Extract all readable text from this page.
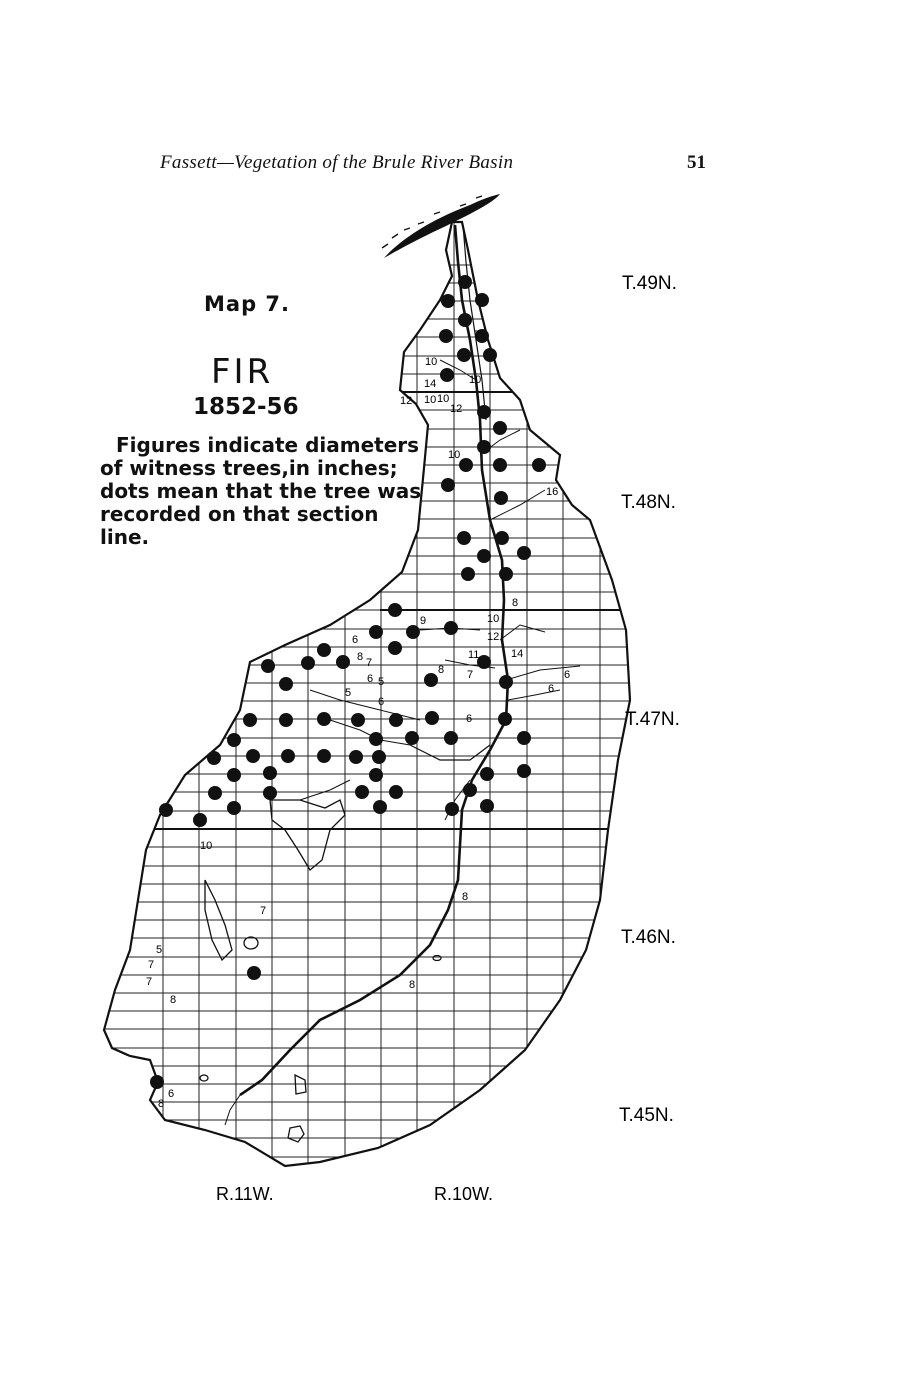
Fassett—Vegetation of the Brule River Basin	51
Map 7.
FIR
1852-56
Figures indicate diameters
of witness trees,in inches;
dots mean that the tree was
recorded on that section line.
7
10
14	10
12 10 10
12
10
16
8
9	10
12
11	14
6
6
6
8 7
6 5
8 7
6
5
6
10
7
5
7
7
8
8
8
6
8
T.49N.
T.48N.
T.47N.
T.46N.
T.45N.
R.11W.	R.10W.
